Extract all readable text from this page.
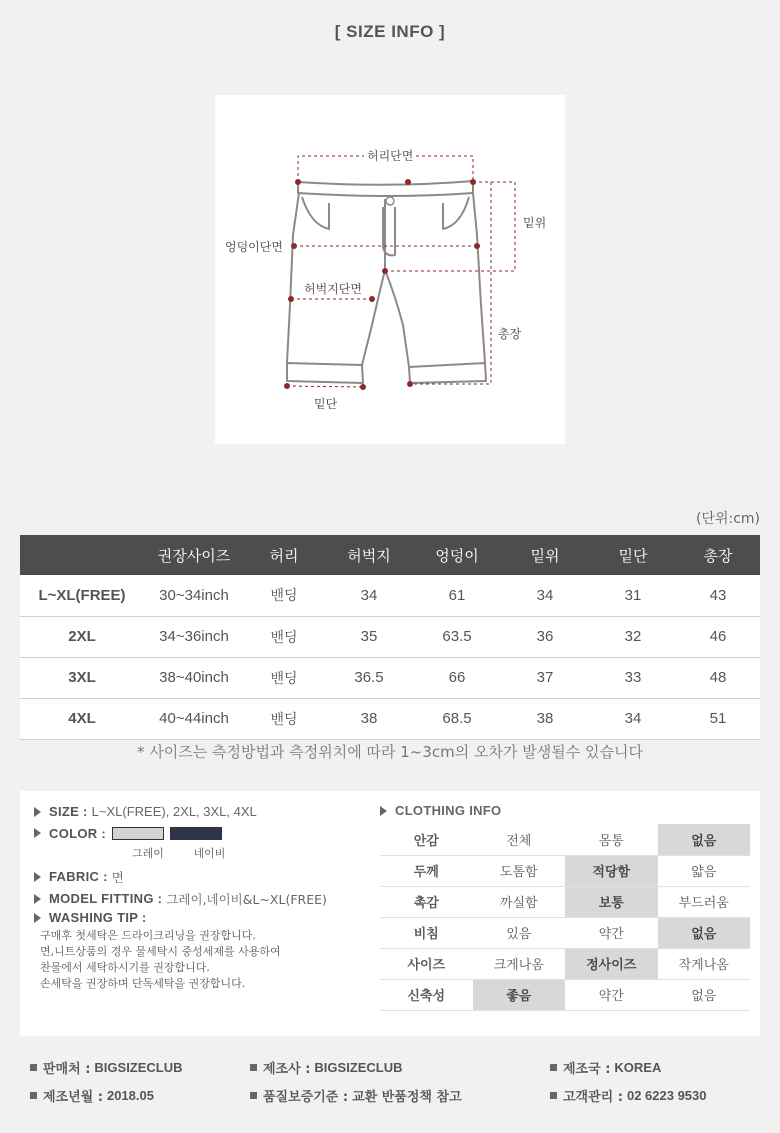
[ SIZE INFO ]
허리단면
엉덩이단면
밑위
허벅지단면
총장
밑단
(단위:cm)
	권장사이즈	허리	허벅지	엉덩이	밑위	밑단	총장
L~XL(FREE)	30~34inch	밴딩	34	61	34	31	43
2XL	34~36inch	밴딩	35	63.5	36	32	46
3XL	38~40inch	밴딩	36.5	66	37	33	48
4XL	40~44inch	밴딩	38	68.5	38	34	51
* 사이즈는 측정방법과 측정위치에 따라 1~3cm의 오차가 발생될수 있습니다
SIZE : L~XL(FREE), 2XL, 3XL, 4XL
COLOR :
그레이	네이비
FABRIC : 면
MODEL FITTING : 그레이,네이비&L~XL(FREE)
WASHING TIP :
구매후 첫세탁은 드라이크리닝을 권장합니다.
면,니트상품의 경우 물세탁시 중성세제를 사용하여
찬물에서 세탁하시기를 권장합니다.
손세탁을 권장하며 단독세탁을 권장합니다.
CLOTHING INFO
안감	전체	몸통	없음
두께	도톰함	적당함	얇음
촉감	까실함	보통	부드러움
비침	있음	약간	없음
사이즈	크게나옴	정사이즈	작게나옴
신축성	좋음	약간	없음
판매처 : BIGSIZECLUB	제조사 : BIGSIZECLUB	제조국 : KOREA
제조년월 : 2018.05	품질보증기준 : 교환 반품정책 참고	고객관리 : 02 6223 9530
